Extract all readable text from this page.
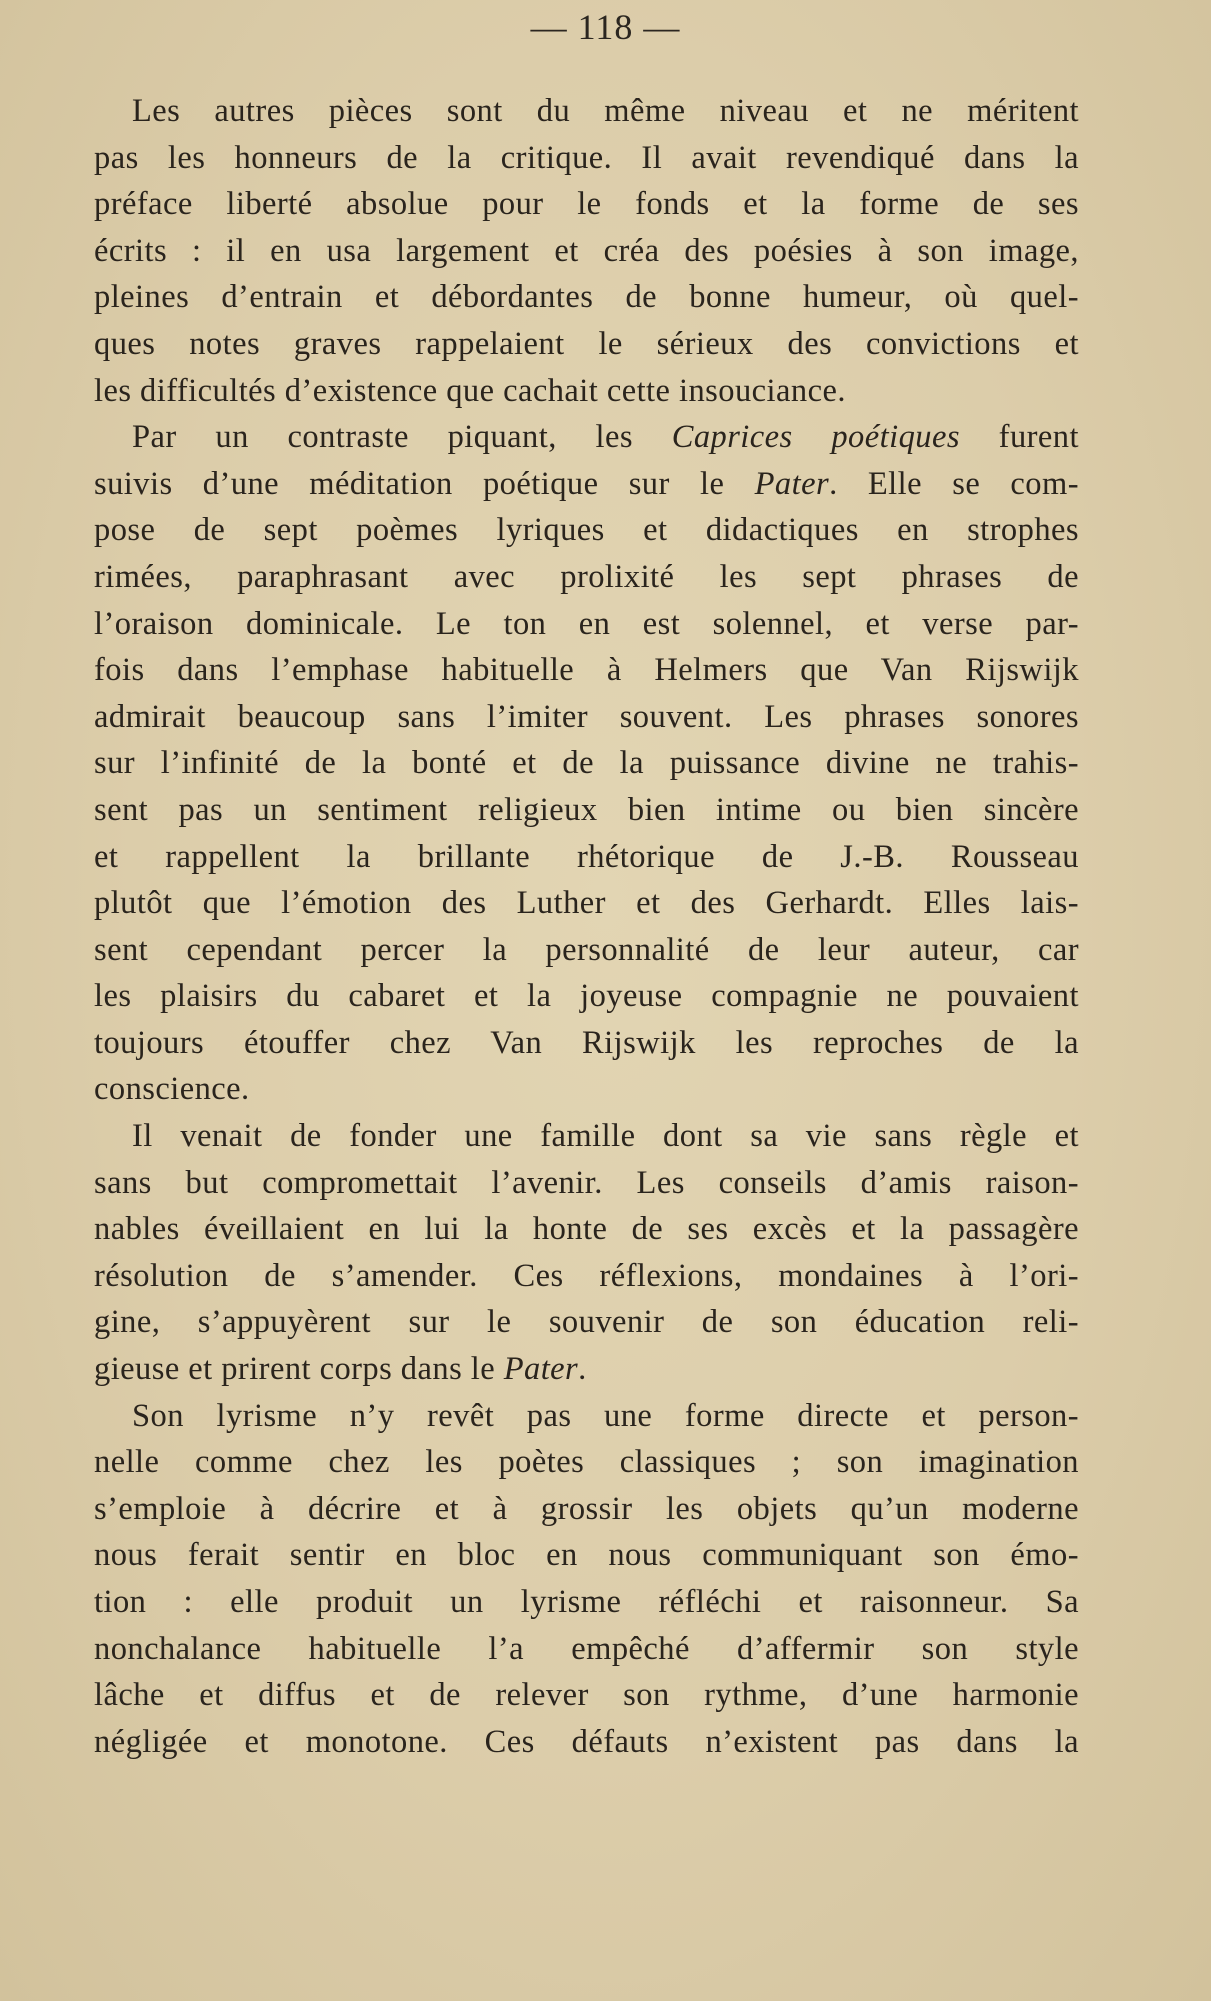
— 118 —
Les autres pièces sont du même niveau et ne méritent
pas les honneurs de la critique. Il avait revendiqué dans la
préface liberté absolue pour le fonds et la forme de ses
écrits : il en usa largement et créa des poésies à son image,
pleines d’entrain et débordantes de bonne humeur, où quel-
ques notes graves rappelaient le sérieux des convictions et
les difficultés d’existence que cachait cette insouciance.
Par un contraste piquant, les Caprices poétiques furent
suivis d’une méditation poétique sur le Pater. Elle se com-
pose de sept poèmes lyriques et didactiques en strophes
rimées, paraphrasant avec prolixité les sept phrases de
l’oraison dominicale. Le ton en est solennel, et verse par-
fois dans l’emphase habituelle à Helmers que Van Rijswijk
admirait beaucoup sans l’imiter souvent. Les phrases sonores
sur l’infinité de la bonté et de la puissance divine ne trahis-
sent pas un sentiment religieux bien intime ou bien sincère
et rappellent la brillante rhétorique de J.-B. Rousseau
plutôt que l’émotion des Luther et des Gerhardt. Elles lais-
sent cependant percer la personnalité de leur auteur, car
les plaisirs du cabaret et la joyeuse compagnie ne pouvaient
toujours étouffer chez Van Rijswijk les reproches de la
conscience.
Il venait de fonder une famille dont sa vie sans règle et
sans but compromettait l’avenir. Les conseils d’amis raison-
nables éveillaient en lui la honte de ses excès et la passagère
résolution de s’amender. Ces réflexions, mondaines à l’ori-
gine, s’appuyèrent sur le souvenir de son éducation reli-
gieuse et prirent corps dans le Pater.
Son lyrisme n’y revêt pas une forme directe et person-
nelle comme chez les poètes classiques ; son imagination
s’emploie à décrire et à grossir les objets qu’un moderne
nous ferait sentir en bloc en nous communiquant son émo-
tion : elle produit un lyrisme réfléchi et raisonneur. Sa
nonchalance habituelle l’a empêché d’affermir son style
lâche et diffus et de relever son rythme, d’une harmonie
négligée et monotone. Ces défauts n’existent pas dans la
